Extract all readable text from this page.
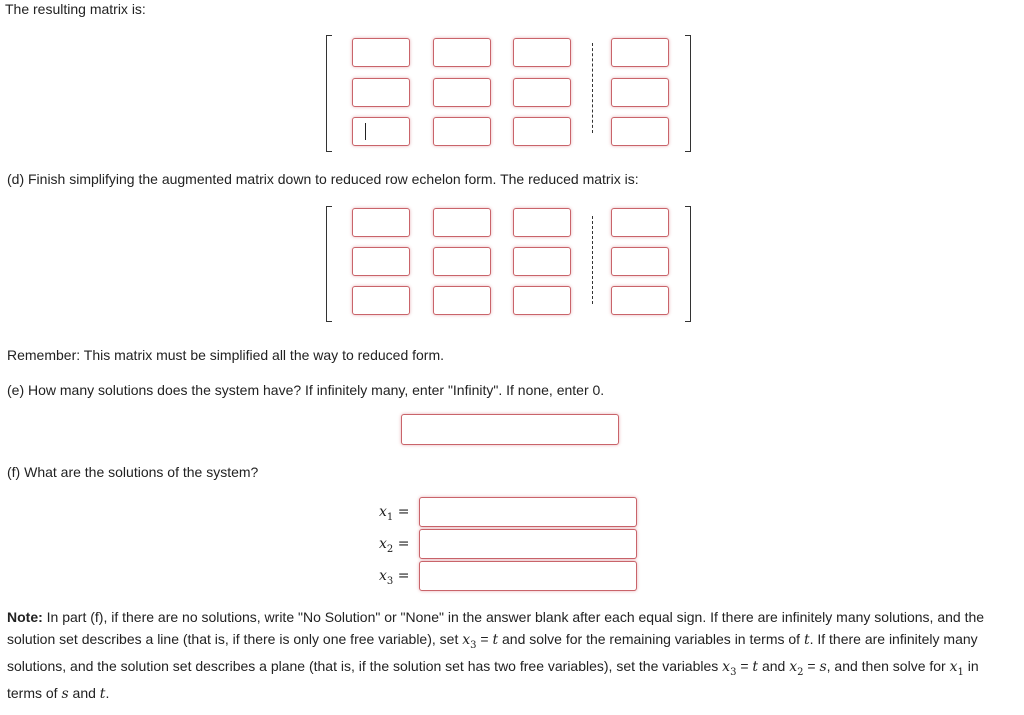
The resulting matrix is:
(d) Finish simplifying the augmented matrix down to reduced row echelon form. The reduced matrix is:
Remember: This matrix must be simplified all the way to reduced form.
(e) How many solutions does the system have? If infinitely many, enter "Infinity". If none, enter 0.
(f) What are the solutions of the system?
$x_1$ =
$x_2$ =
$x_3$ =
Note: In part (f), if there are no solutions, write "No Solution" or "None" in the answer blank after each equal sign. If there are infinitely many solutions, and the solution set describes a line (that is, if there is only one free variable), set $x_3 = t$ and solve for the remaining variables in terms of t. If there are infinitely many solutions, and the solution set describes a plane (that is, if the solution set has two free variables), set the variables $x_3 = t$ and $x_2 = s$, and then solve for $x_1$ in terms of s and t.
